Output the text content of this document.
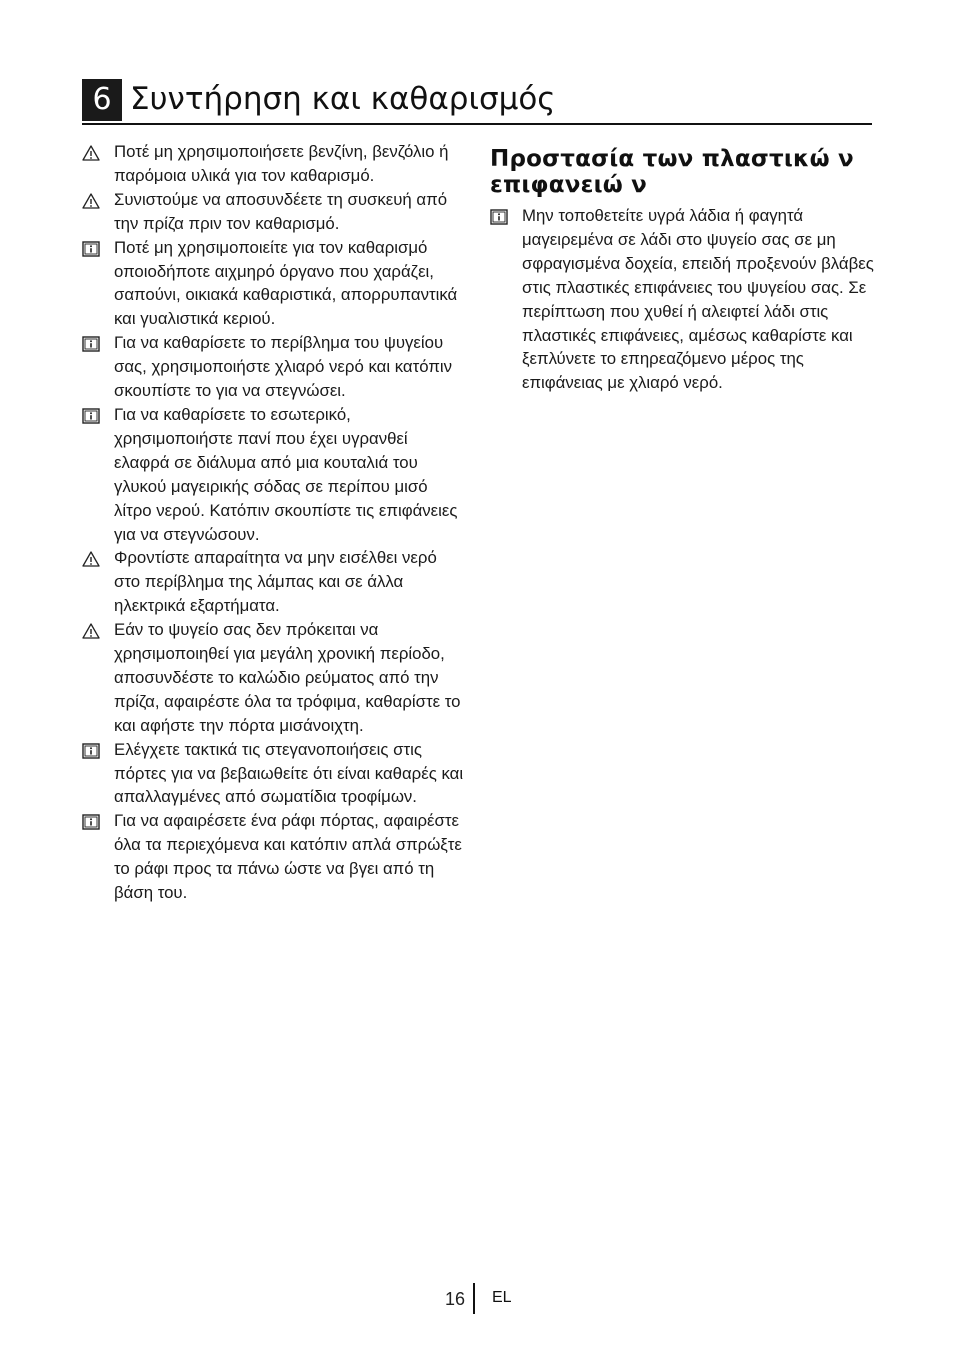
6 Συντήρηση και καθαρισμός
Ποτέ μη χρησιμοποιήσετε βενζίνη, βενζόλιο ή παρόμοια υλικά για τον καθαρισμό.
Συνιστούμε να αποσυνδέετε τη συσκευή από την πρίζα πριν τον καθαρισμό.
Ποτέ μη χρησιμοποιείτε για τον καθαρισμό οποιοδήποτε αιχμηρό όργανο που χαράζει, σαπούνι, οικιακά καθαριστικά, απορρυπαντικά και γυαλιστικά κεριού.
Για να καθαρίσετε το περίβλημα του ψυγείου σας, χρησιμοποιήστε χλιαρό νερό και κατόπιν σκουπίστε το για να στεγνώσει.
Για να καθαρίσετε το εσωτερικό, χρησιμοποιήστε πανί που έχει υγρανθεί ελαφρά σε διάλυμα από μια κουταλιά του γλυκού μαγειρικής σόδας σε περίπου μισό λίτρο νερού. Κατόπιν σκουπίστε τις επιφάνειες για να στεγνώσουν.
Φροντίστε απαραίτητα να μην εισέλθει νερό στο περίβλημα της λάμπας και σε άλλα ηλεκτρικά εξαρτήματα.
Εάν το ψυγείο σας δεν πρόκειται να χρησιμοποιηθεί για μεγάλη χρονική περίοδο, αποσυνδέστε το καλώδιο ρεύματος από την πρίζα, αφαιρέστε όλα τα τρόφιμα, καθαρίστε το και αφήστε την πόρτα μισάνοιχτη.
Ελέγχετε τακτικά τις στεγανοποιήσεις στις πόρτες για να βεβαιωθείτε ότι είναι καθαρές και απαλλαγμένες από σωματίδια τροφίμων.
Για να αφαιρέσετε ένα ράφι πόρτας, αφαιρέστε όλα τα περιεχόμενα και κατόπιν απλά σπρώξτε το ράφι προς τα πάνω ώστε να βγει από τη βάση του.
Προστασία των πλαστικώ ν επιφανειώ ν
Μην τοποθετείτε υγρά λάδια ή φαγητά μαγειρεμένα σε λάδι στο ψυγείο σας σε μη σφραγισμένα δοχεία, επειδή προξενούν βλάβες στις πλαστικές επιφάνειες του ψυγείου σας. Σε περίπτωση που χυθεί ή αλειφτεί λάδι στις πλαστικές επιφάνειες, αμέσως καθαρίστε και ξεπλύνετε το επηρεαζόμενο μέρος της επιφάνειας με χλιαρό νερό.
16 EL
